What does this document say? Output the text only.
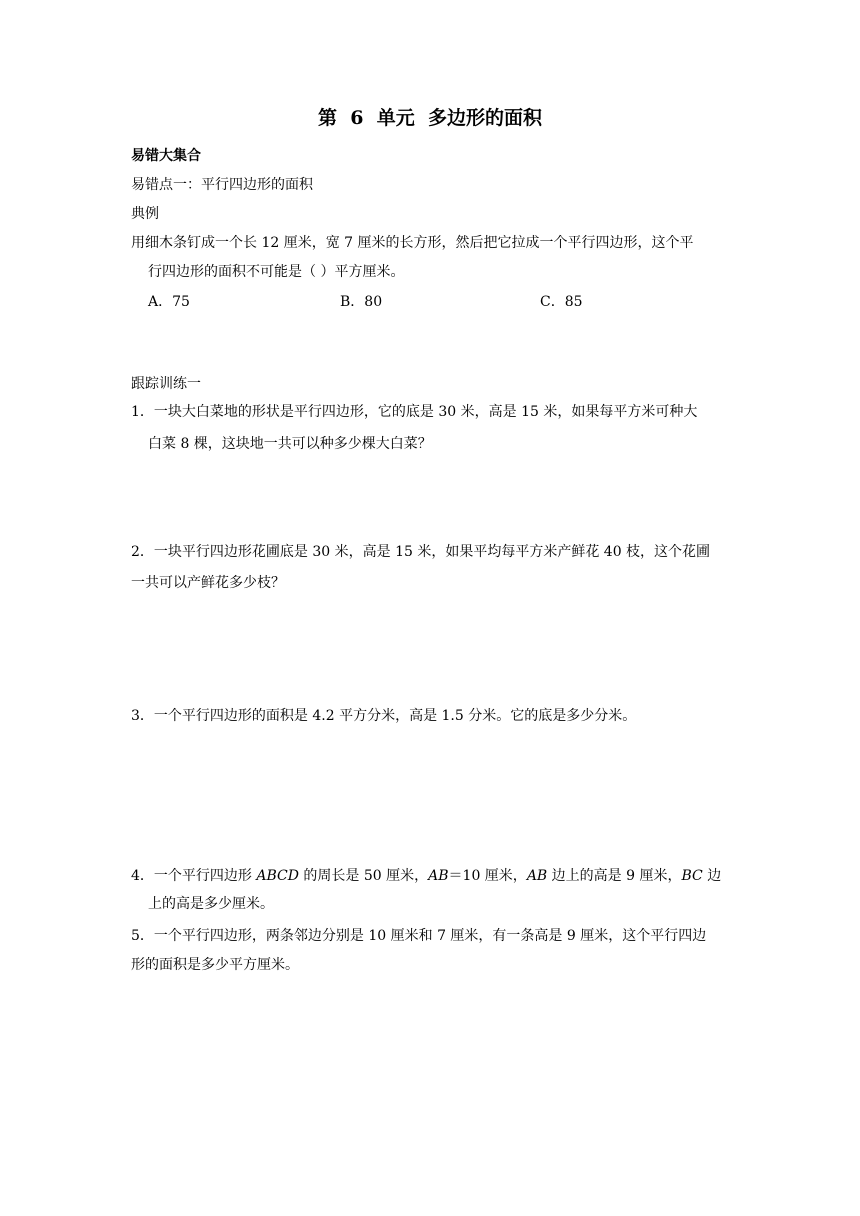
第  6  单元  多边形的面积
易错大集合
易错点一：平行四边形的面积
典例
用细木条钉成一个长 12 厘米，宽 7 厘米的长方形，然后把它拉成一个平行四边形，这个平
行四边形的面积不可能是（ ）平方厘米。
A．75	B．80	C．85
跟踪训练一
1．一块大白菜地的形状是平行四边形，它的底是 30 米，高是 15 米，如果每平方米可种大
白菜 8 棵，这块地一共可以种多少棵大白菜？
2．一块平行四边形花圃底是 30 米，高是 15 米，如果平均每平方米产鲜花 40 枝，这个花圃
一共可以产鲜花多少枝？
3．一个平行四边形的面积是 4.2 平方分米，高是 1.5 分米。它的底是多少分米。
4．一个平行四边形 ABCD 的周长是 50 厘米，AB＝10 厘米，AB 边上的高是 9 厘米，BC 边
上的高是多少厘米。
5．一个平行四边形，两条邻边分别是 10 厘米和 7 厘米，有一条高是 9 厘米，这个平行四边
形的面积是多少平方厘米。
